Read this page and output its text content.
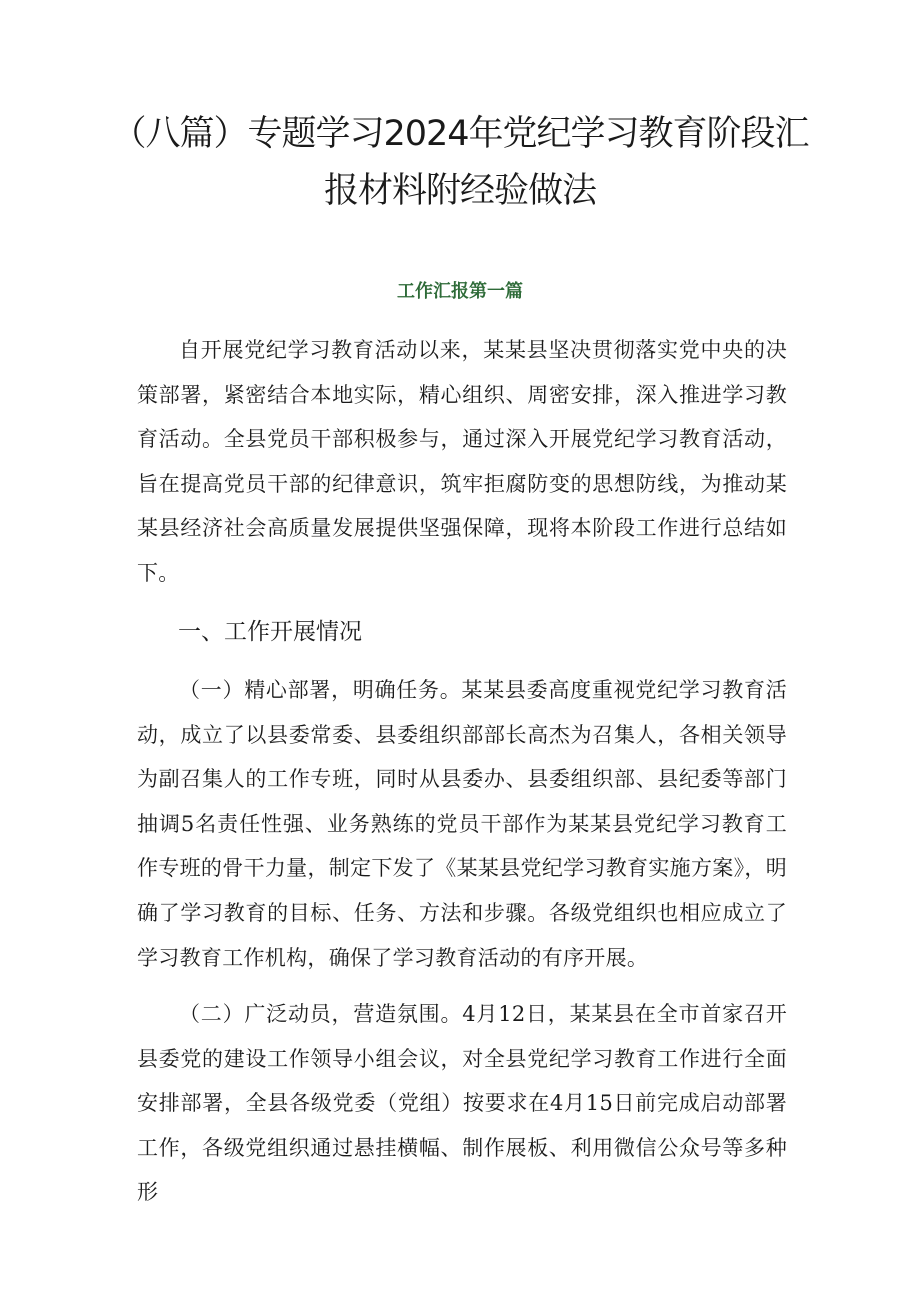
（八篇）专题学习2024年党纪学习教育阶段汇报材料附经验做法
工作汇报第一篇

自开展党纪学习教育活动以来，某某县坚决贯彻落实党中央的决策部署，紧密结合本地实际，精心组织、周密安排，深入推进学习教育活动。全县党员干部积极参与，通过深入开展党纪学习教育活动，旨在提高党员干部的纪律意识，筑牢拒腐防变的思想防线，为推动某某县经济社会高质量发展提供坚强保障，现将本阶段工作进行总结如下。

一、工作开展情况

（一）精心部署，明确任务。某某县委高度重视党纪学习教育活动，成立了以县委常委、县委组织部部长高杰为召集人，各相关领导为副召集人的工作专班，同时从县委办、县委组织部、县纪委等部门抽调5名责任性强、业务熟练的党员干部作为某某县党纪学习教育工作专班的骨干力量，制定下发了《某某县党纪学习教育实施方案》，明确了学习教育的目标、任务、方法和步骤。各级党组织也相应成立了学习教育工作机构，确保了学习教育活动的有序开展。

（二）广泛动员，营造氛围。4月12日，某某县在全市首家召开县委党的建设工作领导小组会议，对全县党纪学习教育工作进行全面安排部署，全县各级党委（党组）按要求在4月15日前完成启动部署工作，各级党组织通过悬挂横幅、制作展板、利用微信公众号等多种形
